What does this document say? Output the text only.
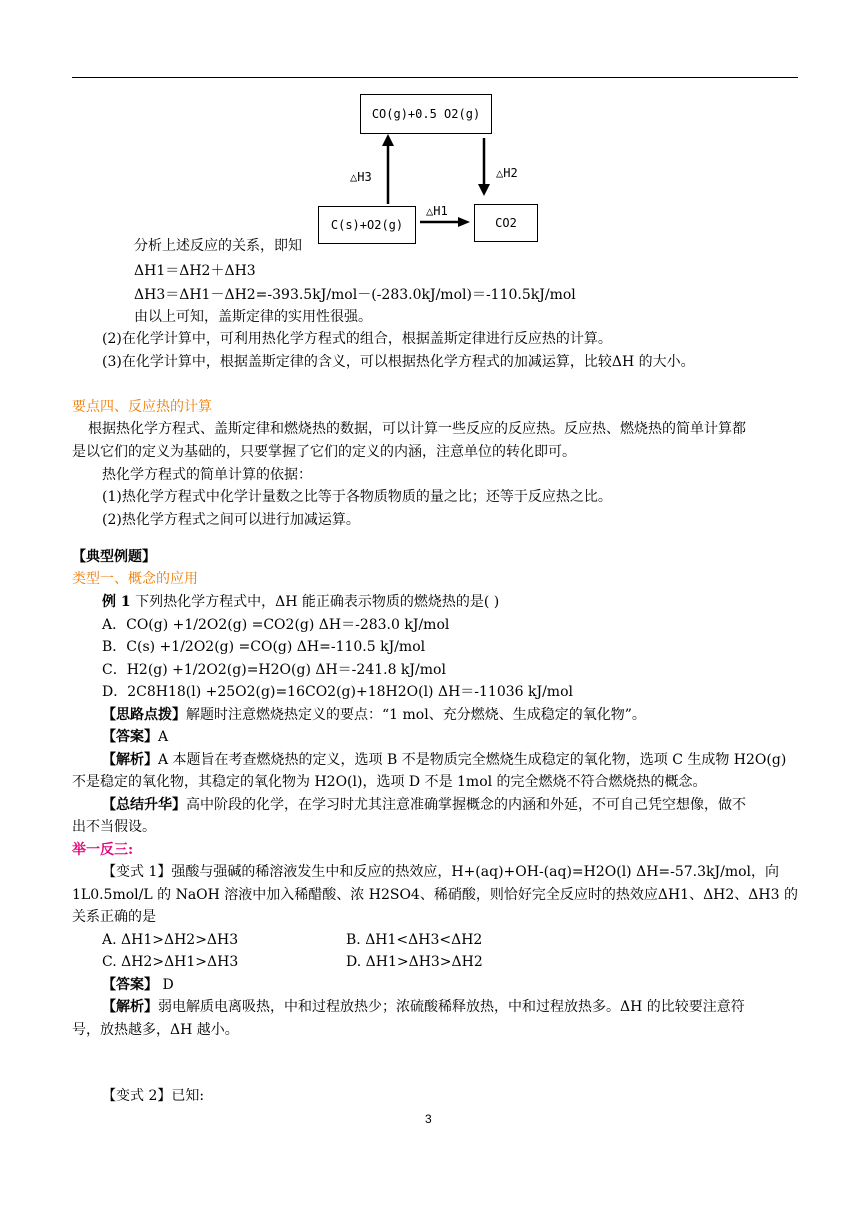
CO(g)+0.5 O2(g)
C(s)+O2(g)	CO2
△H3	△H2
△H1
分析上述反应的关系，即知
ΔH1＝ΔH2＋ΔH3
ΔH3＝ΔH1－ΔH2=-393.5kJ/mol－(-283.0kJ/mol)＝-110.5kJ/mol
由以上可知，盖斯定律的实用性很强。
(2)在化学计算中，可利用热化学方程式的组合，根据盖斯定律进行反应热的计算。
(3)在化学计算中，根据盖斯定律的含义，可以根据热化学方程式的加减运算，比较ΔH 的大小。
要点四、反应热的计算
根据热化学方程式、盖斯定律和燃烧热的数据，可以计算一些反应的反应热。反应热、燃烧热的简单计算都
是以它们的定义为基础的，只要掌握了它们的定义的内涵，注意单位的转化即可。
热化学方程式的简单计算的依据：
(1)热化学方程式中化学计量数之比等于各物质物质的量之比；还等于反应热之比。
(2)热化学方程式之间可以进行加减运算。
【典型例题】
类型一、概念的应用
例 1 下列热化学方程式中，ΔH 能正确表示物质的燃烧热的是( )
A．CO(g) +1/2O2(g) =CO2(g) ΔH＝-283.0 kJ/mol
B．C(s) +1/2O2(g) =CO(g) ΔH=-110.5 kJ/mol
C．H2(g) +1/2O2(g)=H2O(g) ΔH＝-241.8 kJ/mol
D．2C8H18(l) +25O2(g)=16CO2(g)+18H2O(l) ΔH＝-11036 kJ/mol
【思路点拨】解题时注意燃烧热定义的要点：“1 mol、充分燃烧、生成稳定的氧化物”。
【答案】A
【解析】A 本题旨在考查燃烧热的定义，选项 B 不是物质完全燃烧生成稳定的氧化物，选项 C 生成物 H2O(g)
不是稳定的氧化物，其稳定的氧化物为 H2O(l)，选项 D 不是 1mol 的完全燃烧不符合燃烧热的概念。
【总结升华】高中阶段的化学，在学习时尤其注意准确掌握概念的内涵和外延，不可自己凭空想像，做不
出不当假设。
举一反三:
【变式 1】强酸与强碱的稀溶液发生中和反应的热效应，H+(aq)+OH-(aq)=H2O(l) ΔH=-57.3kJ/mol，向
1L0.5mol/L 的 NaOH 溶液中加入稀醋酸、浓 H2SO4、稀硝酸，则恰好完全反应时的热效应ΔH1、ΔH2、ΔH3 的
关系正确的是
A. ΔH1>ΔH2>ΔH3	B. ΔH1<ΔH3<ΔH2
C. ΔH2>ΔH1>ΔH3	D. ΔH1>ΔH3>ΔH2
【答案】 D
【解析】弱电解质电离吸热，中和过程放热少；浓硫酸稀释放热，中和过程放热多。ΔH 的比较要注意符
号，放热越多，ΔH 越小。
【变式 2】已知:
3
